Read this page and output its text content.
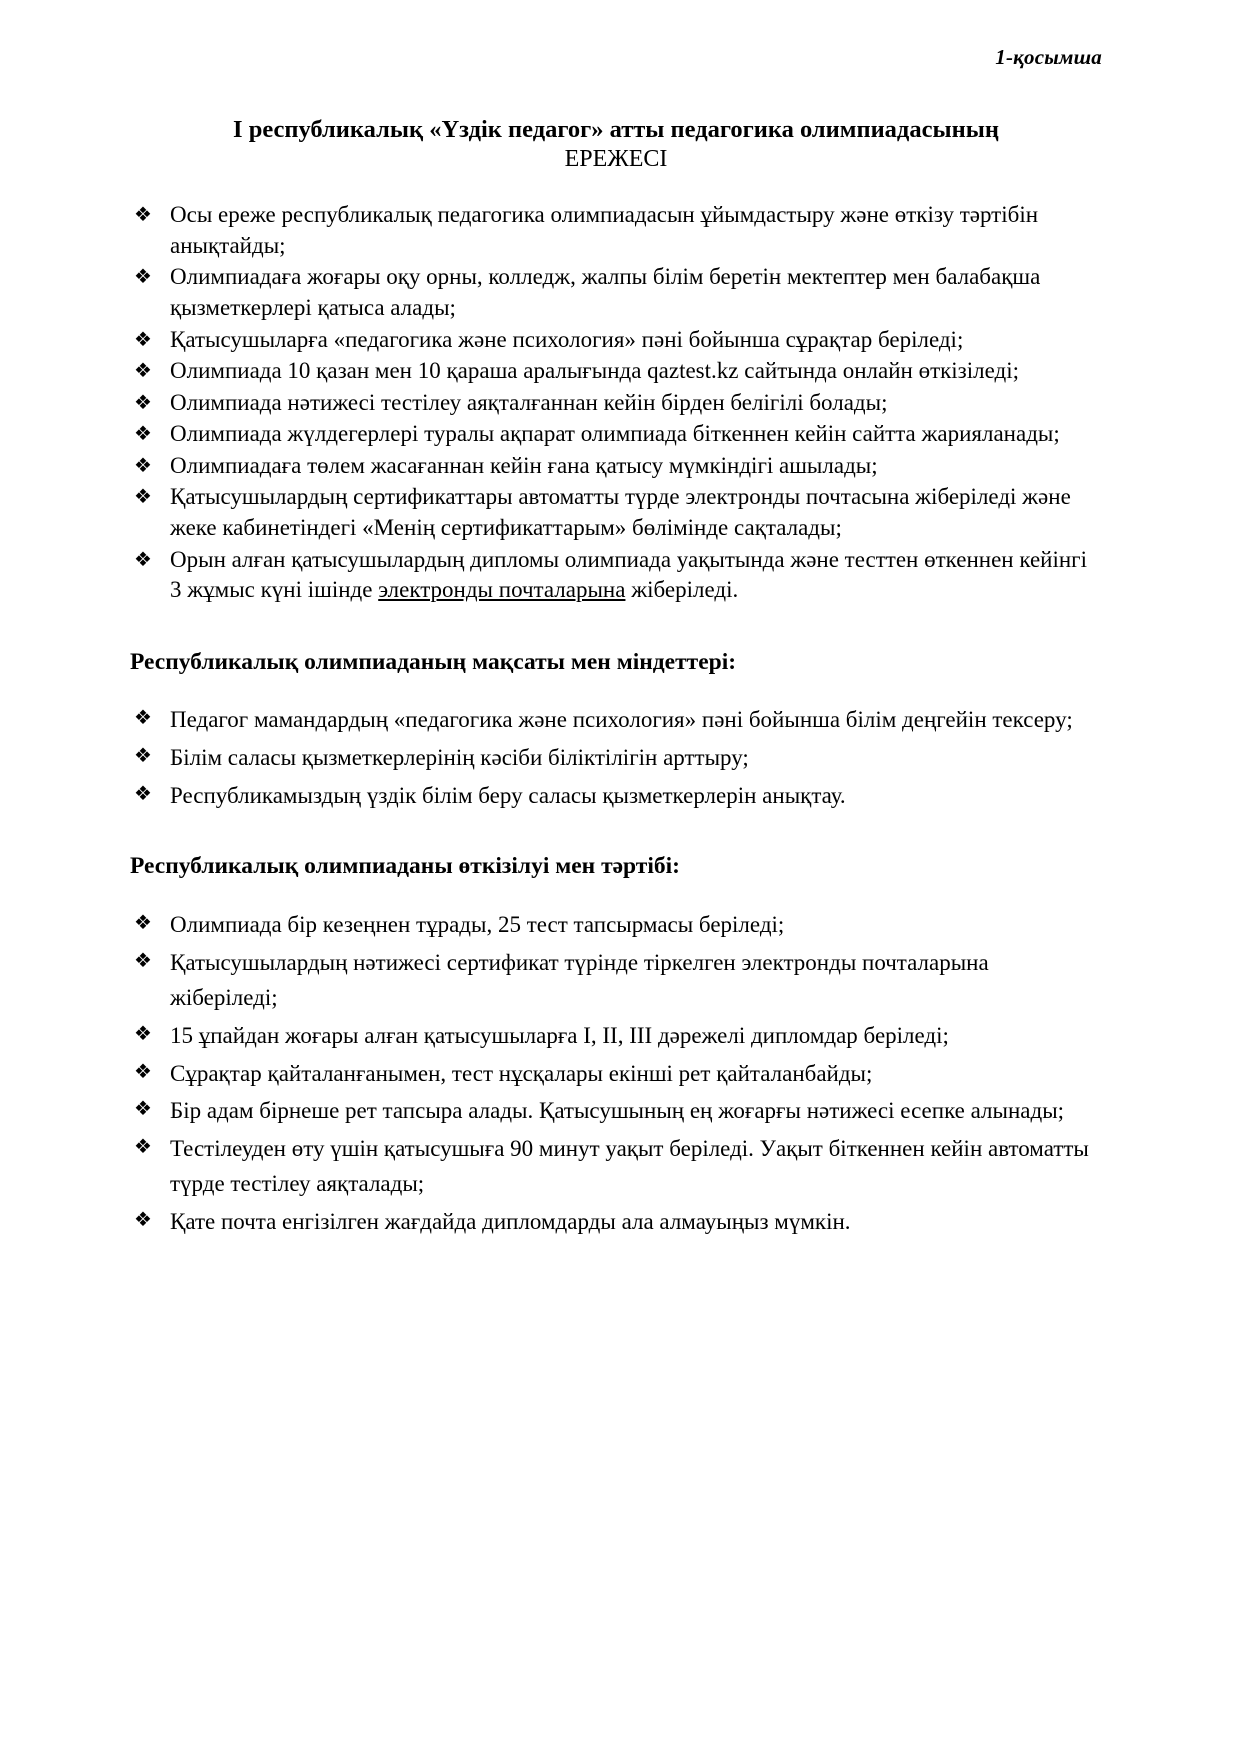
1-қосымша

I республикалық «Үздік педагог» атты педагогика олимпиадасының

ЕРЕЖЕСІ

❖ Осы ереже республикалық педагогика олимпиадасын ұйымдастыру және өткізу тәртібін анықтайды;
❖ Олимпиадаға жоғары оқу орны, колледж, жалпы білім беретін мектептер мен балабақша қызметкерлері қатыса алады;
❖ Қатысушыларға «педагогика және психология» пәні бойынша сұрақтар беріледі;
❖ Олимпиада 10 қазан мен 10 қараша аралығында qaztest.kz сайтында онлайн өткізіледі;
❖ Олимпиада нәтижесі тестілеу аяқталғаннан кейін бірден белігілі болады;
❖ Олимпиада жүлдегерлері туралы ақпарат олимпиада біткеннен кейін сайтта жарияланады;
❖ Олимпиадаға төлем жасағаннан кейін ғана қатысу мүмкіндігі ашылады;
❖ Қатысушылардың сертификаттары автоматты түрде электронды почтасына жіберіледі және жеке кабинетіндегі «Менің сертификаттарым» бөлімінде сақталады;
❖ Орын алған қатысушылардың дипломы олимпиада уақытында және тесттен өткеннен кейінгі 3 жұмыс күні ішінде электронды почталарына жіберіледі.
Республикалық олимпиаданың мақсаты мен міндеттері:
❖ Педагог мамандардың «педагогика және психология» пәні бойынша білім деңгейін тексеру;
❖ Білім саласы қызметкерлерінің кәсіби біліктілігін арттыру;
❖ Республикамыздың үздік білім беру саласы қызметкерлерін анықтау.
Республикалық олимпиаданы өткізілуі мен тәртібі:
❖ Олимпиада бір кезеңнен тұрады, 25 тест тапсырмасы беріледі;
❖ Қатысушылардың нәтижесі сертификат түрінде тіркелген электронды почталарына жіберіледі;
❖ 15 ұпайдан жоғары алған қатысушыларға I, II, III дәрежелі дипломдар беріледі;
❖ Сұрақтар қайталанғанымен, тест нұсқалары екінші рет қайталанбайды;
❖ Бір адам бірнеше рет тапсыра алады. Қатысушының ең жоғарғы нәтижесі есепке алынады;
❖ Тестілеуден өту үшін қатысушыға 90 минут уақыт беріледі. Уақыт біткеннен кейін автоматты түрде тестілеу аяқталады;
❖ Қате почта енгізілген жағдайда дипломдарды ала алмауыңыз мүмкін.
